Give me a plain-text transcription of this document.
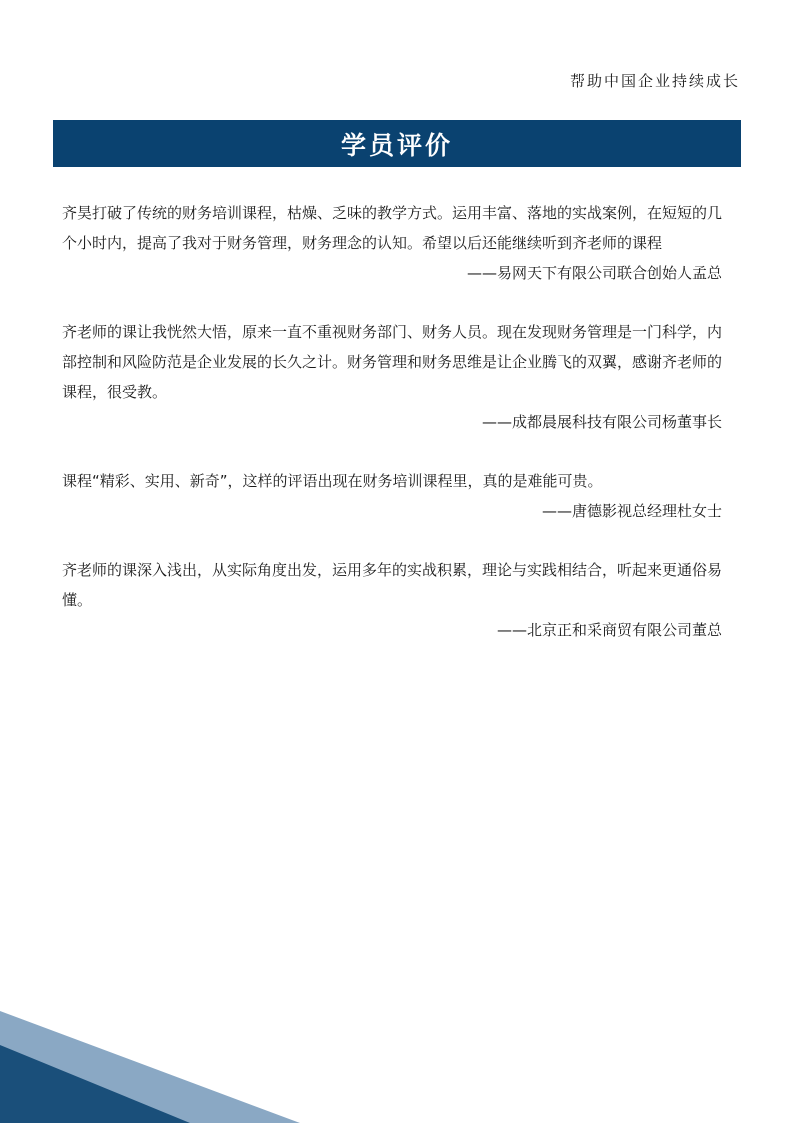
帮助中国企业持续成长
学员评价

齐昊打破了传统的财务培训课程，枯燥、乏味的教学方式。运用丰富、落地的实战案例，在短短的几个小时内，提高了我对于财务管理，财务理念的认知。希望以后还能继续听到齐老师的课程

——易网天下有限公司联合创始人孟总

齐老师的课让我恍然大悟，原来一直不重视财务部门、财务人员。现在发现财务管理是一门科学，内部控制和风险防范是企业发展的长久之计。财务管理和财务思维是让企业腾飞的双翼，感谢齐老师的课程，很受教。

——成都晨展科技有限公司杨董事长

课程“精彩、实用、新奇”，这样的评语出现在财务培训课程里，真的是难能可贵。

——唐德影视总经理杜女士

齐老师的课深入浅出，从实际角度出发，运用多年的实战积累，理论与实践相结合，听起来更通俗易懂。

——北京正和采商贸有限公司董总
